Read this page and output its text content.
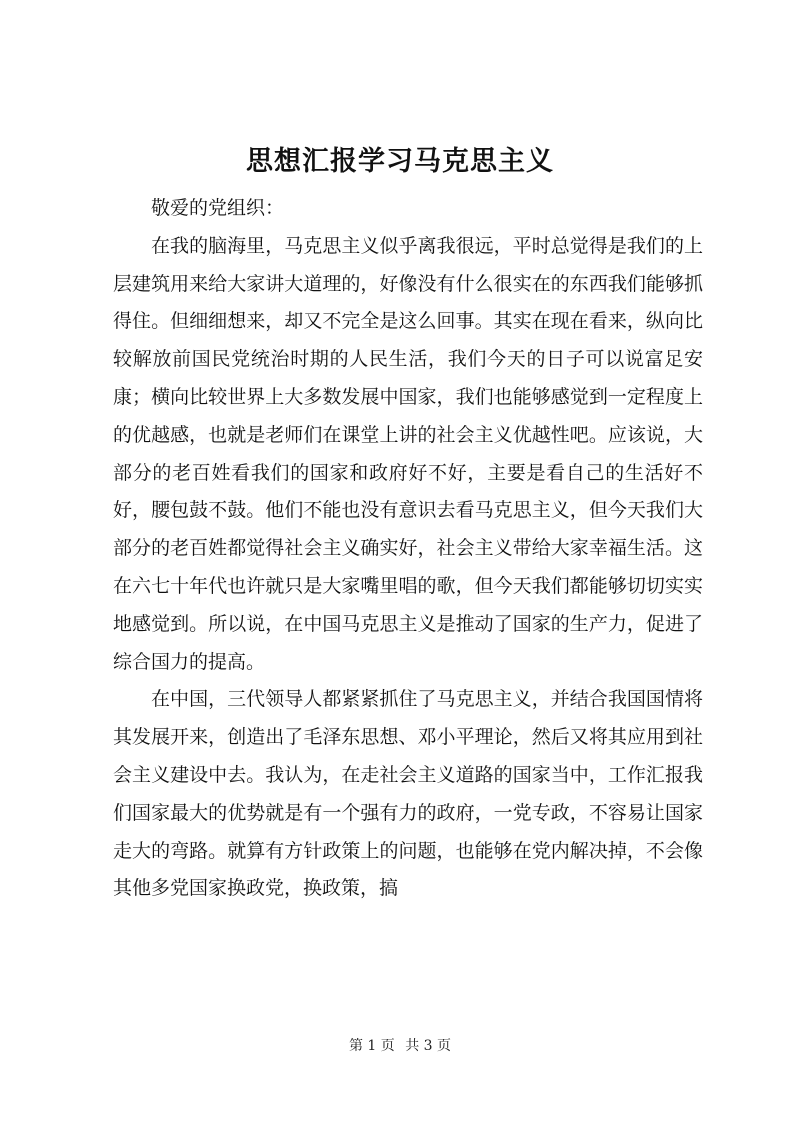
思想汇报学习马克思主义

敬爱的党组织：

在我的脑海里，马克思主义似乎离我很远，平时总觉得是我们的上层建筑用来给大家讲大道理的，好像没有什么很实在的东西我们能够抓得住。但细细想来，却又不完全是这么回事。其实在现在看来，纵向比较解放前国民党统治时期的人民生活，我们今天的日子可以说富足安康；横向比较世界上大多数发展中国家，我们也能够感觉到一定程度上的优越感，也就是老师们在课堂上讲的社会主义优越性吧。应该说，大部分的老百姓看我们的国家和政府好不好，主要是看自己的生活好不好，腰包鼓不鼓。他们不能也没有意识去看马克思主义，但今天我们大部分的老百姓都觉得社会主义确实好，社会主义带给大家幸福生活。这在六七十年代也许就只是大家嘴里唱的歌，但今天我们都能够切切实实地感觉到。所以说，在中国马克思主义是推动了国家的生产力，促进了综合国力的提高。

在中国，三代领导人都紧紧抓住了马克思主义，并结合我国国情将其发展开来，创造出了毛泽东思想、邓小平理论，然后又将其应用到社会主义建设中去。我认为，在走社会主义道路的国家当中，工作汇报我们国家最大的优势就是有一个强有力的政府，一党专政，不容易让国家走大的弯路。就算有方针政策上的问题，也能够在党内解决掉，不会像其他多党国家换政党，换政策，搞

第 1 页 共 3 页
